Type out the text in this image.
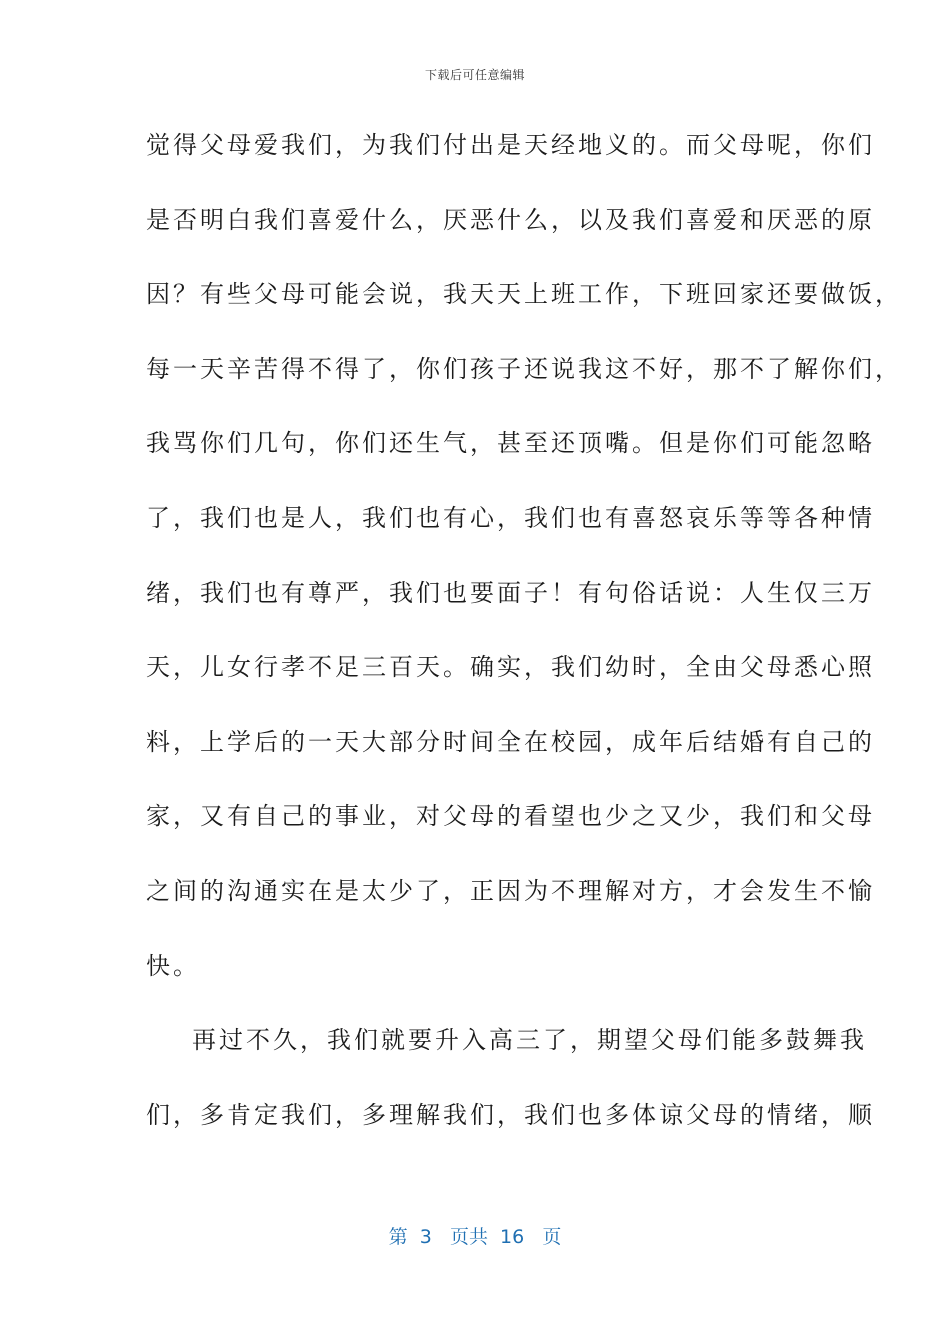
下载后可任意编辑
觉得父母爱我们，为我们付出是天经地义的。而父母呢，你们
是否明白我们喜爱什么，厌恶什么，以及我们喜爱和厌恶的原
因？有些父母可能会说，我天天上班工作，下班回家还要做饭，
每一天辛苦得不得了，你们孩子还说我这不好，那不了解你们，
我骂你们几句，你们还生气，甚至还顶嘴。但是你们可能忽略
了，我们也是人，我们也有心，我们也有喜怒哀乐等等各种情
绪，我们也有尊严，我们也要面子！有句俗话说：人生仅三万
天，儿女行孝不足三百天。确实，我们幼时，全由父母悉心照
料，上学后的一天大部分时间全在校园，成年后结婚有自己的
家，又有自己的事业，对父母的看望也少之又少，我们和父母
之间的沟通实在是太少了，正因为不理解对方，才会发生不愉
快。
再过不久，我们就要升入高三了，期望父母们能多鼓舞我
们，多肯定我们，多理解我们，我们也多体谅父母的情绪，顺
第  3   页共  16   页
